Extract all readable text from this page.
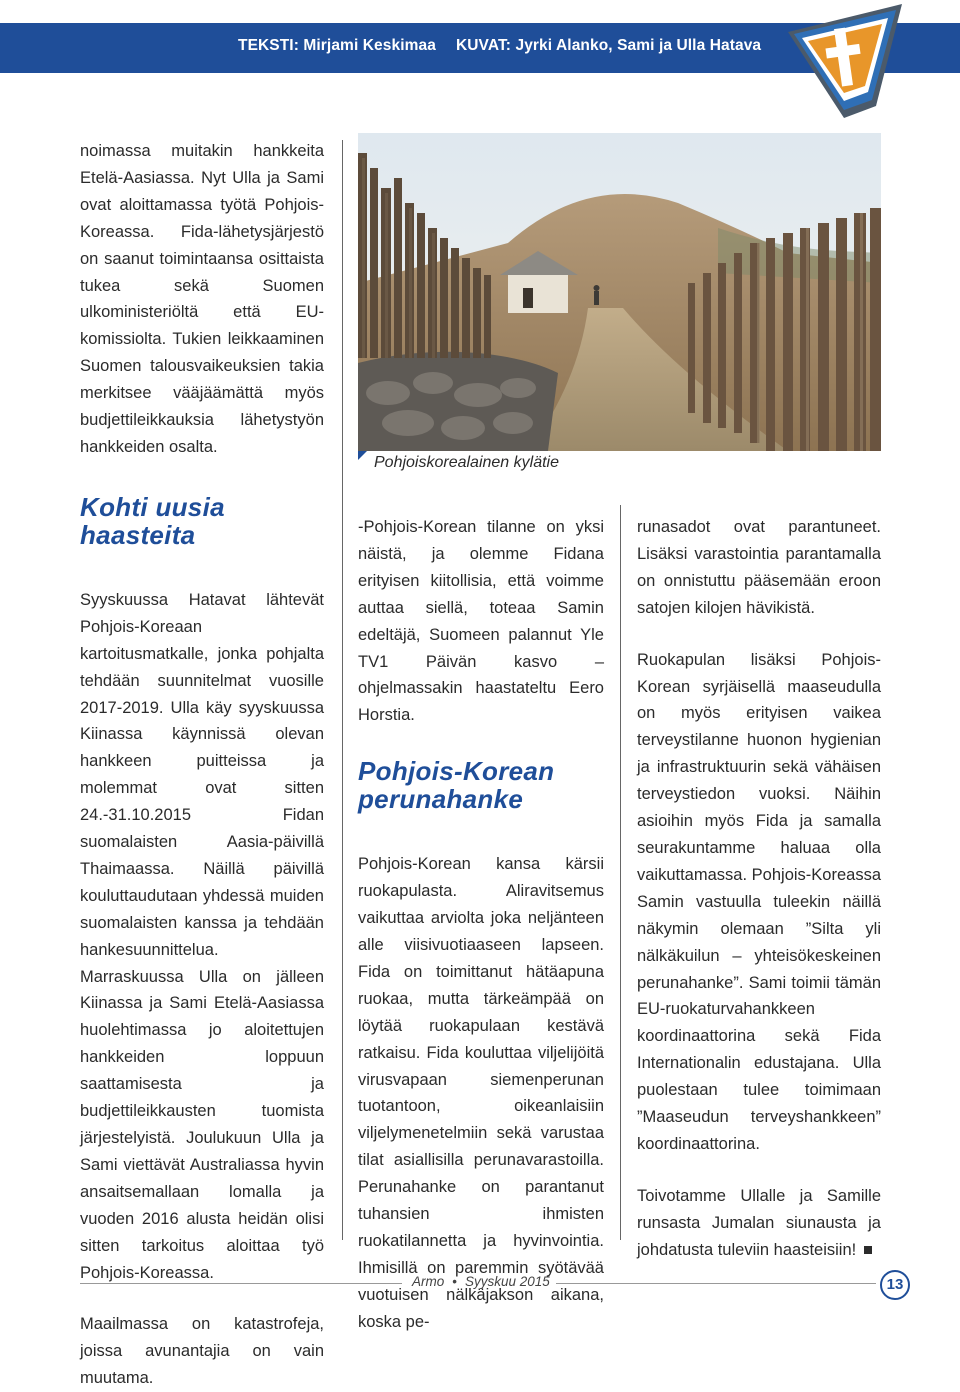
TEKSTI: Mirjami Keskimaa KUVAT: Jyrki Alanko, Sami ja Ulla Hatava

noimassa muitakin hankkeita Etelä-Aasiassa. Nyt Ulla ja Sami ovat aloittamassa työtä Pohjois-Koreassa. Fida-lähetysjärjestö on saanut toimintaansa osittaista tukea sekä Suomen ulkoministeriöltä että EU-komissiolta. Tukien leikkaaminen Suomen talousvaikeuksien takia merkitsee vääjäämättä myös budjettileikkauksia lähetystyön hankkeiden osalta.

Kohti uusia haasteita

Syyskuussa Hatavat lähtevät Pohjois-Koreaan kartoitusmatkalle, jonka pohjalta tehdään suunnitelmat vuosille 2017-2019. Ulla käy syyskuussa Kiinassa käynnissä olevan hankkeen puitteissa ja molemmat ovat sitten 24.-31.10.2015 Fidan suomalaisten Aasia-päivillä Thaimaassa. Näillä päivillä kouluttaudutaan yhdessä muiden suomalaisten kanssa ja tehdään hankesuunnittelua. Marraskuussa Ulla on jälleen Kiinassa ja Sami Etelä-Aasiassa huolehtimassa jo aloitettujen hankkeiden loppuun saattamisesta ja budjettileikkausten tuomista järjestelyistä. Joulukuun Ulla ja Sami viettävät Australiassa hyvin ansaitsemallaan lomalla ja vuoden 2016 alusta heidän olisi sitten tarkoitus aloittaa työ Pohjois-Koreassa.

Maailmassa on katastrofeja, joissa avunantajia on vain muutama.

Pohjoiskorealainen kylätie

-Pohjois-Korean tilanne on yksi näistä, ja olemme Fidana erityisen kiitollisia, että voimme auttaa siellä, toteaa Samin edeltäjä, Suomeen palannut Yle TV1 Päivän kasvo –ohjelmassakin haastateltu Eero Horstia.

Pohjois-Korean perunahanke

Pohjois-Korean kansa kärsii ruokapulasta. Aliravitsemus vaikuttaa arviolta joka neljänteen alle viisivuotiaaseen lapseen. Fida on toimittanut hätäapuna ruokaa, mutta tärkeämpää on löytää ruokapulaan kestävä ratkaisu. Fida kouluttaa viljelijöitä virusvapaan siemenperunan tuotantoon, oikeanlaisiin viljelymenetelmiin sekä varustaa tilat asiallisilla perunavarastoilla. Perunahanke on parantanut tuhansien ihmisten ruokatilannetta ja hyvinvointia. Ihmisillä on paremmin syötävää vuotuisen nälkäjakson aikana, koska pe-

runasadot ovat parantuneet. Lisäksi varastointia parantamalla on onnistuttu pääsemään eroon satojen kilojen hävikistä.

Ruokapulan lisäksi Pohjois-Korean syrjäisellä maaseudulla on myös erityisen vaikea terveystilanne huonon hygienian ja infrastruktuurin sekä vähäisen terveystiedon vuoksi. Näihin asioihin myös Fida ja samalla seurakuntamme haluaa olla vaikuttamassa. Pohjois-Koreassa Samin vastuulla tuleekin näillä näkymin olemaan ”Silta yli nälkäkuilun – yhteisökeskeinen perunahanke”. Sami toimii tämän EU-ruokaturvahankkeen koordinaattorina sekä Fida Internationalin edustajana. Ulla puolestaan tulee toimimaan ”Maaseudun terveyshankkeen” koordinaattorina.

Toivotamme Ullalle ja Samille runsasta Jumalan siunausta ja johdatusta tuleviin haasteisiin!

Armo • Syyskuu 2015	13
